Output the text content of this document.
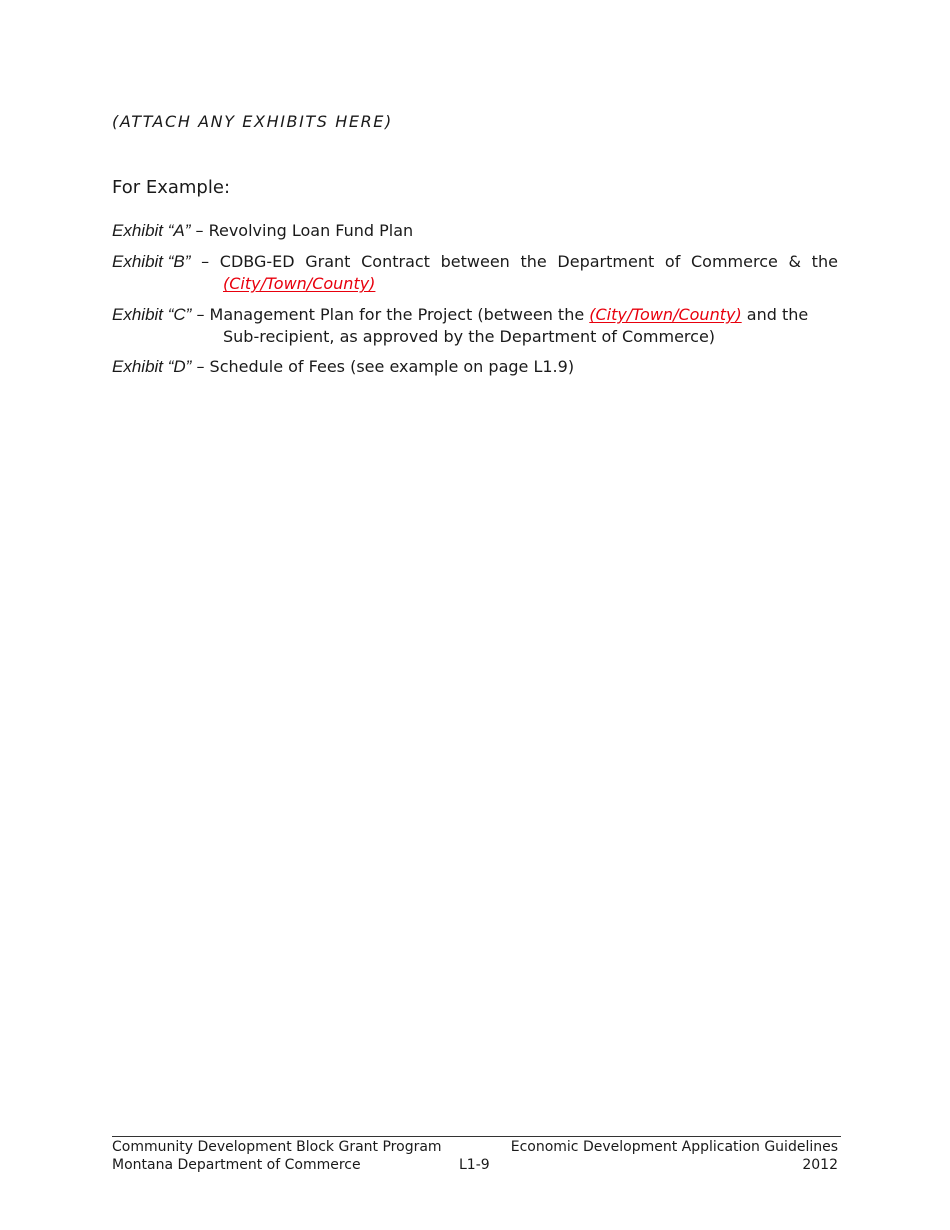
(ATTACH ANY EXHIBITS HERE)
For Example:
Exhibit “A” – Revolving Loan Fund Plan
Exhibit “B” – CDBG-ED Grant Contract between the Department of Commerce & the
(City/Town/County)
Exhibit “C” – Management Plan for the Project (between the (City/Town/County) and the
Sub-recipient, as approved by the Department of Commerce)
Exhibit “D” – Schedule of Fees (see example on page L1.9)
Community Development Block Grant Program
Montana Department of Commerce	L1-9
Economic Development Application Guidelines
2012
